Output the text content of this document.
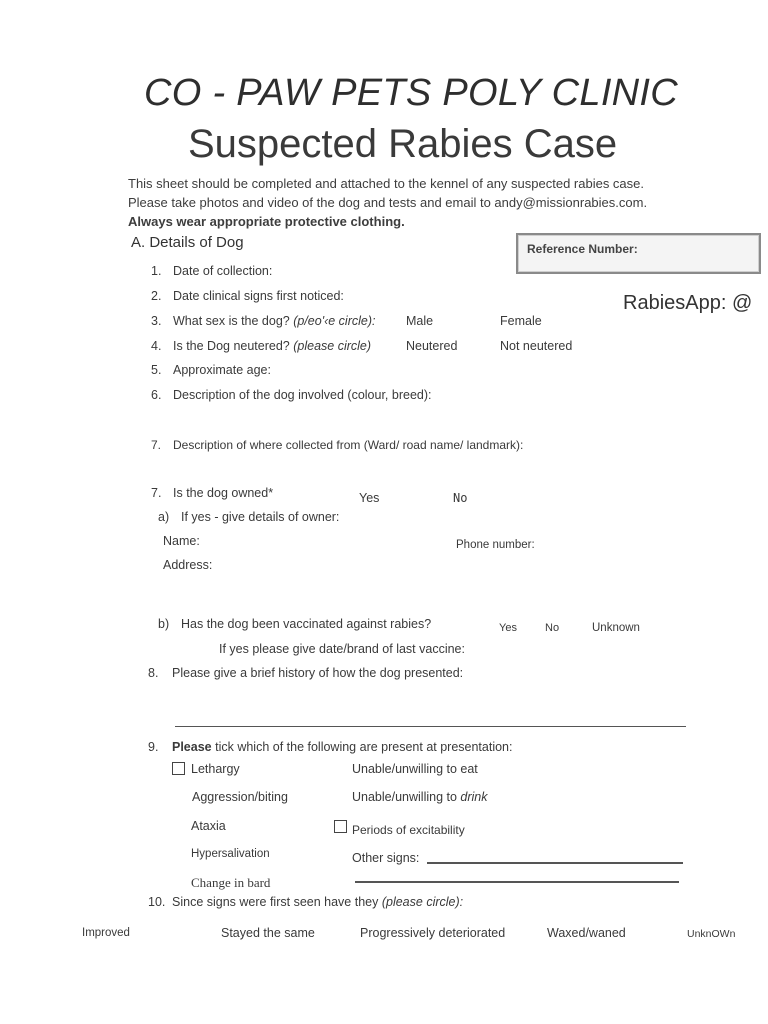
CO - PAW PETS POLY CLINIC
Suspected Rabies Case
This sheet should be completed and attached to the kennel of any suspected rabies case.
Please take photos and video of the dog and tests and email to andy@missionrabies.com.
Always wear appropriate protective clothing.
A. Details of Dog	Reference Number:
RabiesApp: @
1. Date of collection:
2. Date clinical signs first noticed:
3. What sex is the dog? (p/eo'‹e circle): Male	Female
4. Is the Dog neutered? (please circle)	Neutered	Not neutered
5. Approximate age:
6. Description of the dog involved (colour, breed):
7. Description of where collected from (Ward/ road name/ landmark):
7. Is the dog owned*	Yes	No
a) If yes - give details of owner:
Name:	Phone number:
Address:
b) Has the dog been vaccinated against rabies?	Yes	No	Unknown
If yes please give date/brand of last vaccine:
8. Please give a brief history of how the dog presented:
9. Please tick which of the following are present at presentation:
Lethargy	Unable/unwilling to eat
Aggression/biting	Unable/unwilling to drink
Ataxia	Periods of excitability
Hypersalivation	Other signs:
Change in bard
10. Since signs were first seen have they (please circle):
Improved	Stayed the same	Progressively deteriorated	Waxed/waned	UnknOWn
